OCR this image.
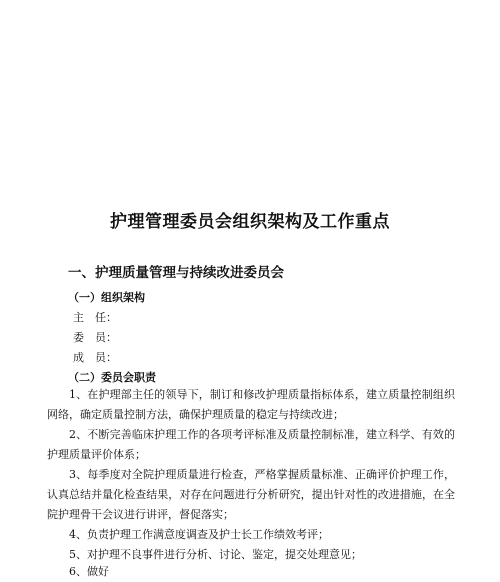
护理管理委员会组织架构及工作重点
一、护理质量管理与持续改进委员会
（一）组织架构
主　任：
委　员：
成　员：
（二）委员会职责

1、在护理部主任的领导下，制订和修改护理质量指标体系，建立质量控制组织网络，确定质量控制方法，确保护理质量的稳定与持续改进；

2、不断完善临床护理工作的各项考评标准及质量控制标准，建立科学、有效的护理质量评价体系；

3、每季度对全院护理质量进行检查，严格掌握质量标准、正确评价护理工作，认真总结并量化检查结果，对存在问题进行分析研究，提出针对性的改进措施，在全院护理骨干会议进行讲评，督促落实；

4、负责护理工作满意度调查及护士长工作绩效考评；

5、对护理不良事件进行分析、讨论、鉴定，提交处理意见；

6、做好
